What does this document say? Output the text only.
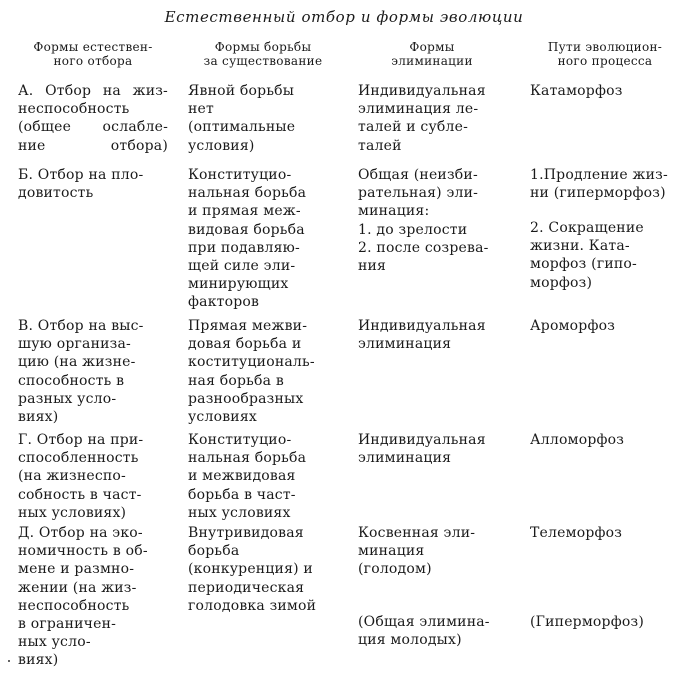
Естественный отбор и формы эволюции
Формы естествен-
ного отбора
Формы борьбы
за существование
Формы
элиминации
Пути эволюцион-
ного процесса
А. Отбор на жиз-
неспособность
(общее ослабле-
ние отбора)
Явной борьбы
нет
(оптимальные
условия)
Индивидуальная
элиминация ле-
талей и сублe-
талей
Катаморфоз
Б. Отбор на пло-
довитость
Конституцио-
нальная борьба
и прямая меж-
видовая борьба
при подавляю-
щей силе эли-
минирующих
факторов
Общая (неизби-
рательная) эли-
минация:
1. до зрелости
2. после созрева-
ния
1.Продление жиз-
ни (гиперморфоз)
2. Сокращение
жизни. Ката-
морфоз (гипо-
морфоз)
В. Отбор на выс-
шую организа-
цию (на жизне-
способность в
разных усло-
виях)
Прямая межви-
довая борьба и
коституциональ-
ная борьба в
разнообразных
условиях
Индивидуальная
элиминация
Ароморфоз
Г. Отбор на при-
способленность
(на жизнеспо-
собность в част-
ных условиях)
Конституцио-
нальная борьба
и межвидовая
борьба в част-
ных условиях
Индивидуальная
элиминация
Алломорфоз
Д. Отбор на эко-
номичность в об-
мене и размно-
жении (на жиз-
неспособность
в ограничен-
ных усло-
виях)
Внутривидовая
борьба
(конкуренция) и
периодическая
голодовка зимой
Косвенная эли-
минация
(голодом)
(Общая элимина-
ция молодых)
Телеморфоз
(Гиперморфоз)
